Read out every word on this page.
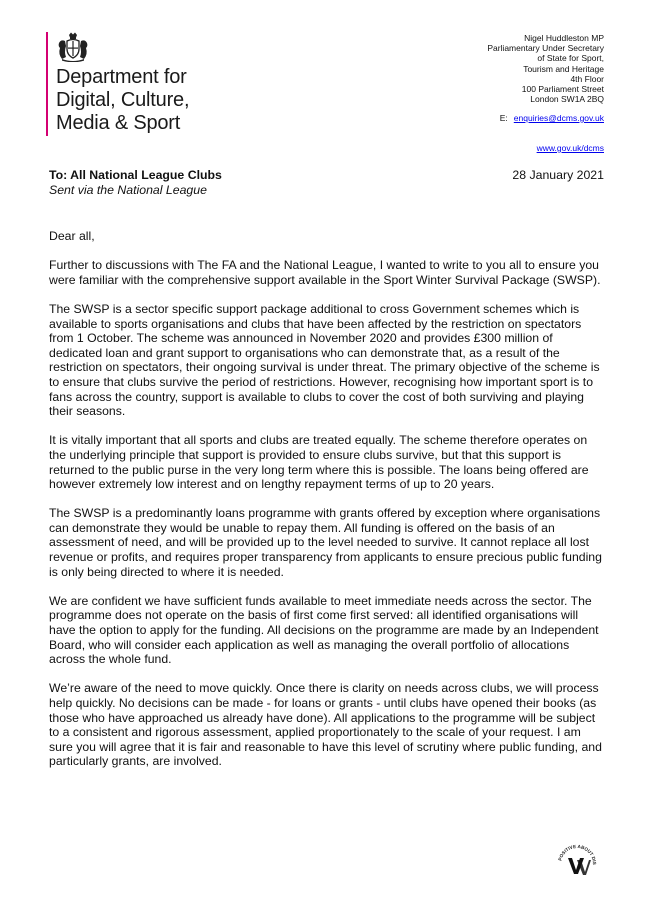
Department for
Digital, Culture,
Media & Sport
Nigel Huddleston MP
Parliamentary Under Secretary
of State for Sport,
Tourism and Heritage
4th Floor
100 Parliament Street
London SW1A 2BQ
E: enquiries@dcms.gov.uk
www.gov.uk/dcms
To: All National League Clubs
Sent via the National League
28 January 2021

Dear all,

Further to discussions with The FA and the National League, I wanted to write to you all to ensure you were familiar with the comprehensive support available in the Sport Winter Survival Package (SWSP).

The SWSP is a sector specific support package additional to cross Government schemes which is available to sports organisations and clubs that have been affected by the restriction on spectators from 1 October. The scheme was announced in November 2020 and provides £300 million of dedicated loan and grant support to organisations who can demonstrate that, as a result of the restriction on spectators, their ongoing survival is under threat. The primary objective of the scheme is to ensure that clubs survive the period of restrictions. However, recognising how important sport is to fans across the country, support is available to clubs to cover the cost of both surviving and playing their seasons.

It is vitally important that all sports and clubs are treated equally. The scheme therefore operates on the underlying principle that support is provided to ensure clubs survive, but that this support is returned to the public purse in the very long term where this is possible. The loans being offered are however extremely low interest and on lengthy repayment terms of up to 20 years.

The SWSP is a predominantly loans programme with grants offered by exception where organisations can demonstrate they would be unable to repay them. All funding is offered on the basis of an assessment of need, and will be provided up to the level needed to survive. It cannot replace all lost revenue or profits, and requires proper transparency from applicants to ensure precious public funding is only being directed to where it is needed.

We are confident we have sufficient funds available to meet immediate needs across the sector. The programme does not operate on the basis of first come first served: all identified organisations will have the option to apply for the funding. All decisions on the programme are made by an Independent Board, who will consider each application as well as managing the overall portfolio of allocations across the whole fund.

We’re aware of the need to move quickly. Once there is clarity on needs across clubs, we will process help quickly. No decisions can be made - for loans or grants - until clubs have opened their books (as those who have approached us already have done). All applications to the programme will be subject to a consistent and rigorous assessment, applied proportionately to the scale of your request. I am sure you will agree that it is fair and reasonable to have this level of scrutiny where public funding, and particularly grants, are involved.

POSITIVE ABOUT DIS
